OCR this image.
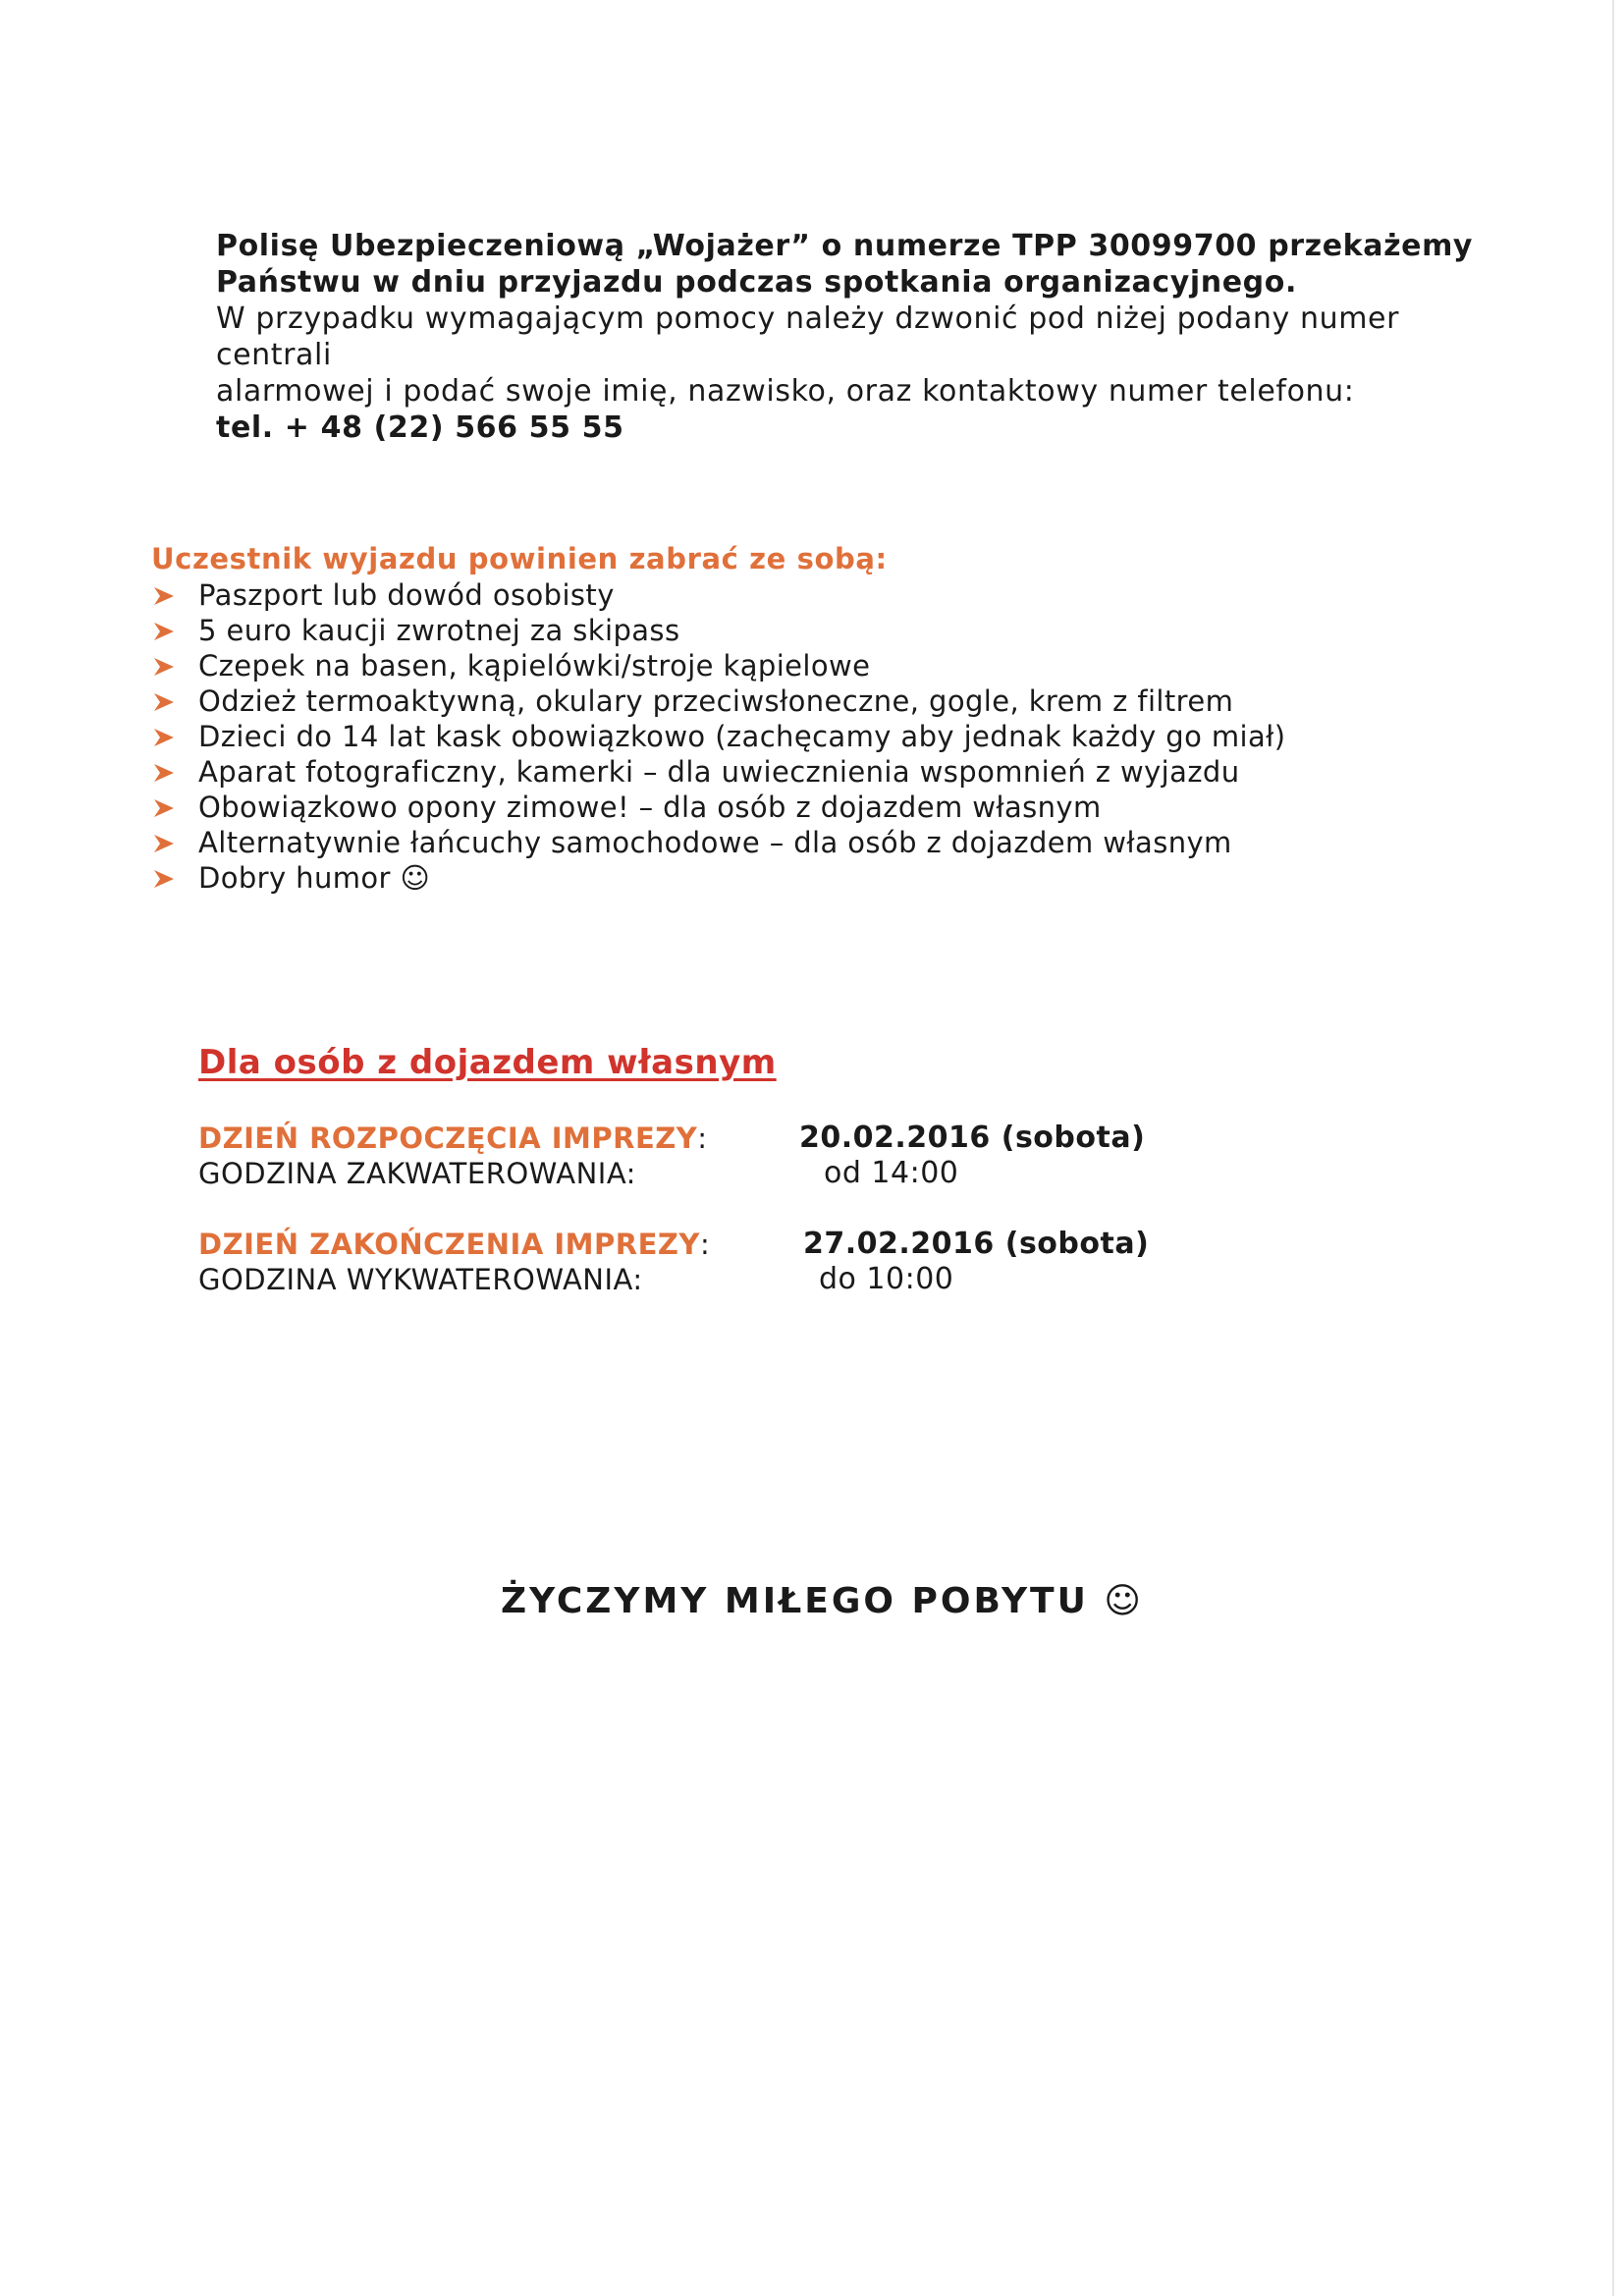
Polisę Ubezpieczeniową „Wojażer” o numerze TPP 30099700 przekażemy
Państwu w dniu przyjazdu podczas spotkania organizacyjnego.
W przypadku wymagającym pomocy należy dzwonić pod niżej podany numer centrali
alarmowej i podać swoje imię, nazwisko, oraz kontaktowy numer telefonu:
tel. + 48 (22) 566 55 55
Uczestnik wyjazdu powinien zabrać ze sobą:
Paszport lub dowód osobisty
5 euro kaucji zwrotnej za skipass
Czepek na basen, kąpielówki/stroje kąpielowe
Odzież termoaktywną, okulary przeciwsłoneczne, gogle, krem z filtrem
Dzieci do 14 lat kask obowiązkowo (zachęcamy aby jednak każdy go miał)
Aparat fotograficzny, kamerki – dla uwiecznienia wspomnień z wyjazdu
Obowiązkowo opony zimowe! – dla osób z dojazdem własnym
Alternatywnie łańcuchy samochodowe – dla osób z dojazdem własnym
Dobry humor ☺
Dla osób z dojazdem własnym
DZIEŃ ROZPOCZĘCIA IMPREZY:	20.02.2016 (sobota)
GODZINA ZAKWATEROWANIA:	od 14:00
DZIEŃ ZAKOŃCZENIA IMPREZY:	27.02.2016 (sobota)
GODZINA WYKWATEROWANIA:	do 10:00
ŻYCZYMY MIŁEGO POBYTU ☺
